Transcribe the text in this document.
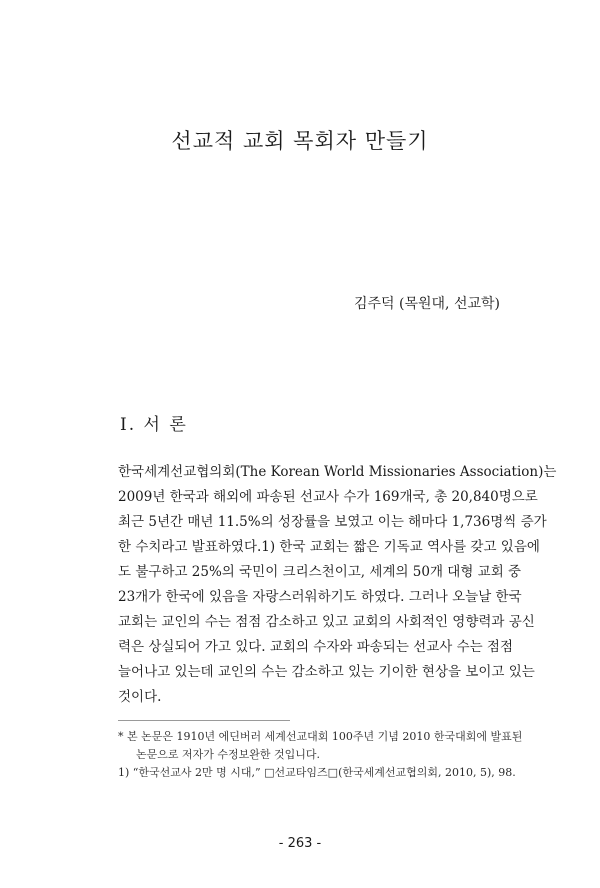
선교적 교회 목회자 만들기
김주덕 (목원대, 선교학)
I. 서 론
한국세계선교협의회(The Korean World Missionaries Association)는
2009년 한국과 해외에 파송된 선교사 수가 169개국, 총 20,840명으로
최근 5년간 매년 11.5%의 성장률을 보였고 이는 해마다 1,736명씩 증가
한 수치라고 발표하였다.1) 한국 교회는 짧은 기독교 역사를 갖고 있음에
도 불구하고 25%의 국민이 크리스천이고, 세계의 50개 대형 교회 중
23개가 한국에 있음을 자랑스러워하기도 하였다. 그러나 오늘날 한국
교회는 교인의 수는 점점 감소하고 있고 교회의 사회적인 영향력과 공신
력은 상실되어 가고 있다. 교회의 수자와 파송되는 선교사 수는 점점
늘어나고 있는데 교인의 수는 감소하고 있는 기이한 현상을 보이고 있는
것이다.
* 본 논문은 1910년 에딘버러 세계선교대회 100주년 기념 2010 한국대회에 발표된
논문으로 저자가 수정보완한 것입니다.
1) “한국선교사 2만 명 시대,” □선교타임즈□(한국세계선교협의회, 2010, 5), 98.
- 263 -
